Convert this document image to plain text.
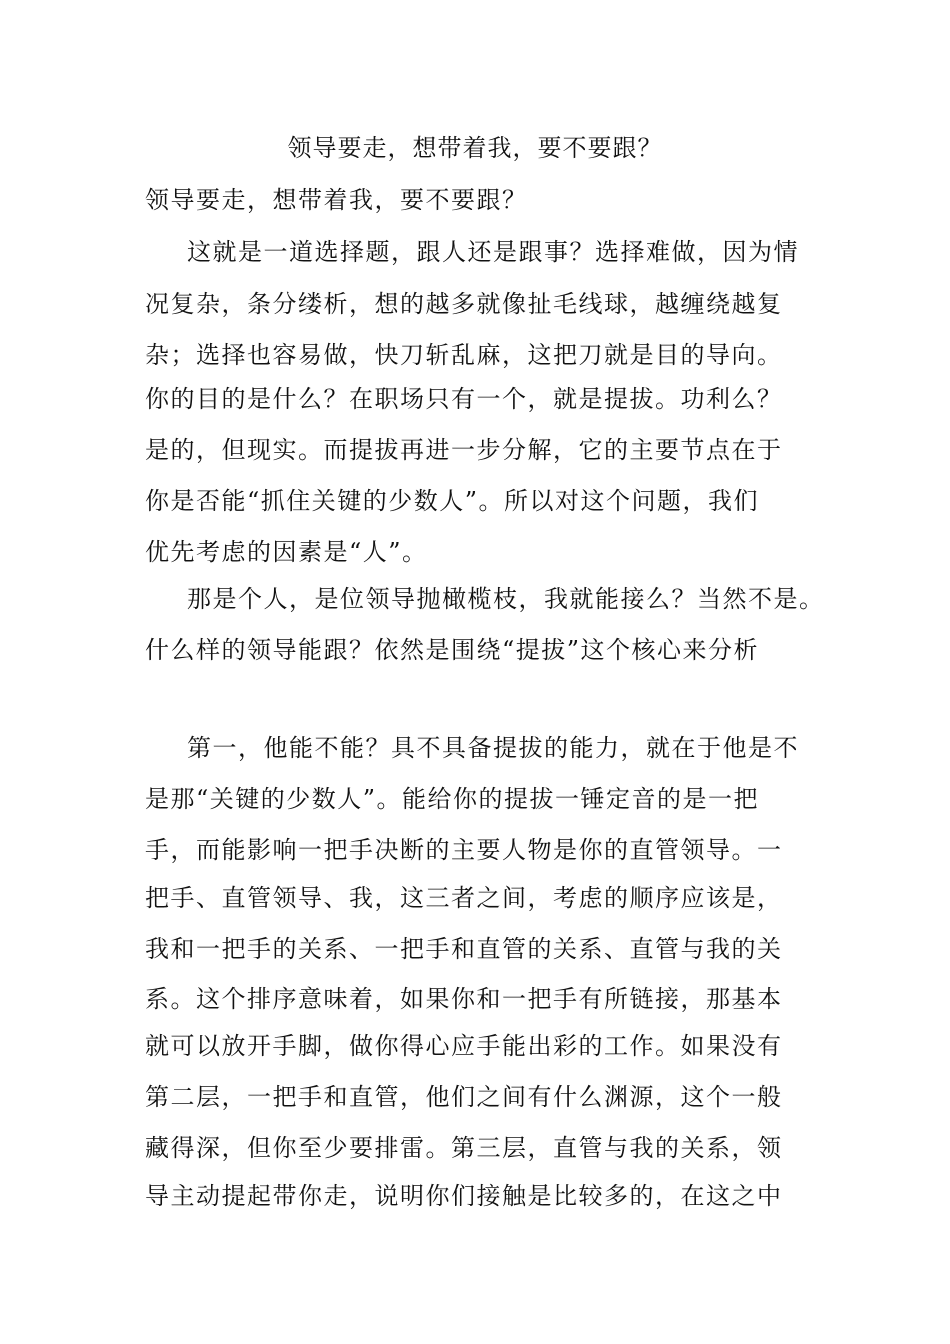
领导要走，想带着我，要不要跟？
领导要走，想带着我，要不要跟？
这就是一道选择题，跟人还是跟事？选择难做，因为情
况复杂，条分缕析，想的越多就像扯毛线球，越缠绕越复
杂；选择也容易做，快刀斩乱麻，这把刀就是目的导向。
你的目的是什么？在职场只有一个，就是提拔。功利么？
是的，但现实。而提拔再进一步分解，它的主要节点在于
你是否能“抓住关键的少数人”。所以对这个问题，我们
优先考虑的因素是“人”。
那是个人，是位领导抛橄榄枝，我就能接么？当然不是。
什么样的领导能跟？依然是围绕“提拔”这个核心来分析
第一，他能不能？具不具备提拔的能力，就在于他是不
是那“关键的少数人”。能给你的提拔一锤定音的是一把
手，而能影响一把手决断的主要人物是你的直管领导。一
把手、直管领导、我，这三者之间，考虑的顺序应该是，
我和一把手的关系、一把手和直管的关系、直管与我的关
系。这个排序意味着，如果你和一把手有所链接，那基本
就可以放开手脚，做你得心应手能出彩的工作。如果没有
第二层，一把手和直管，他们之间有什么渊源，这个一般
藏得深，但你至少要排雷。第三层，直管与我的关系，领
导主动提起带你走，说明你们接触是比较多的，在这之中
